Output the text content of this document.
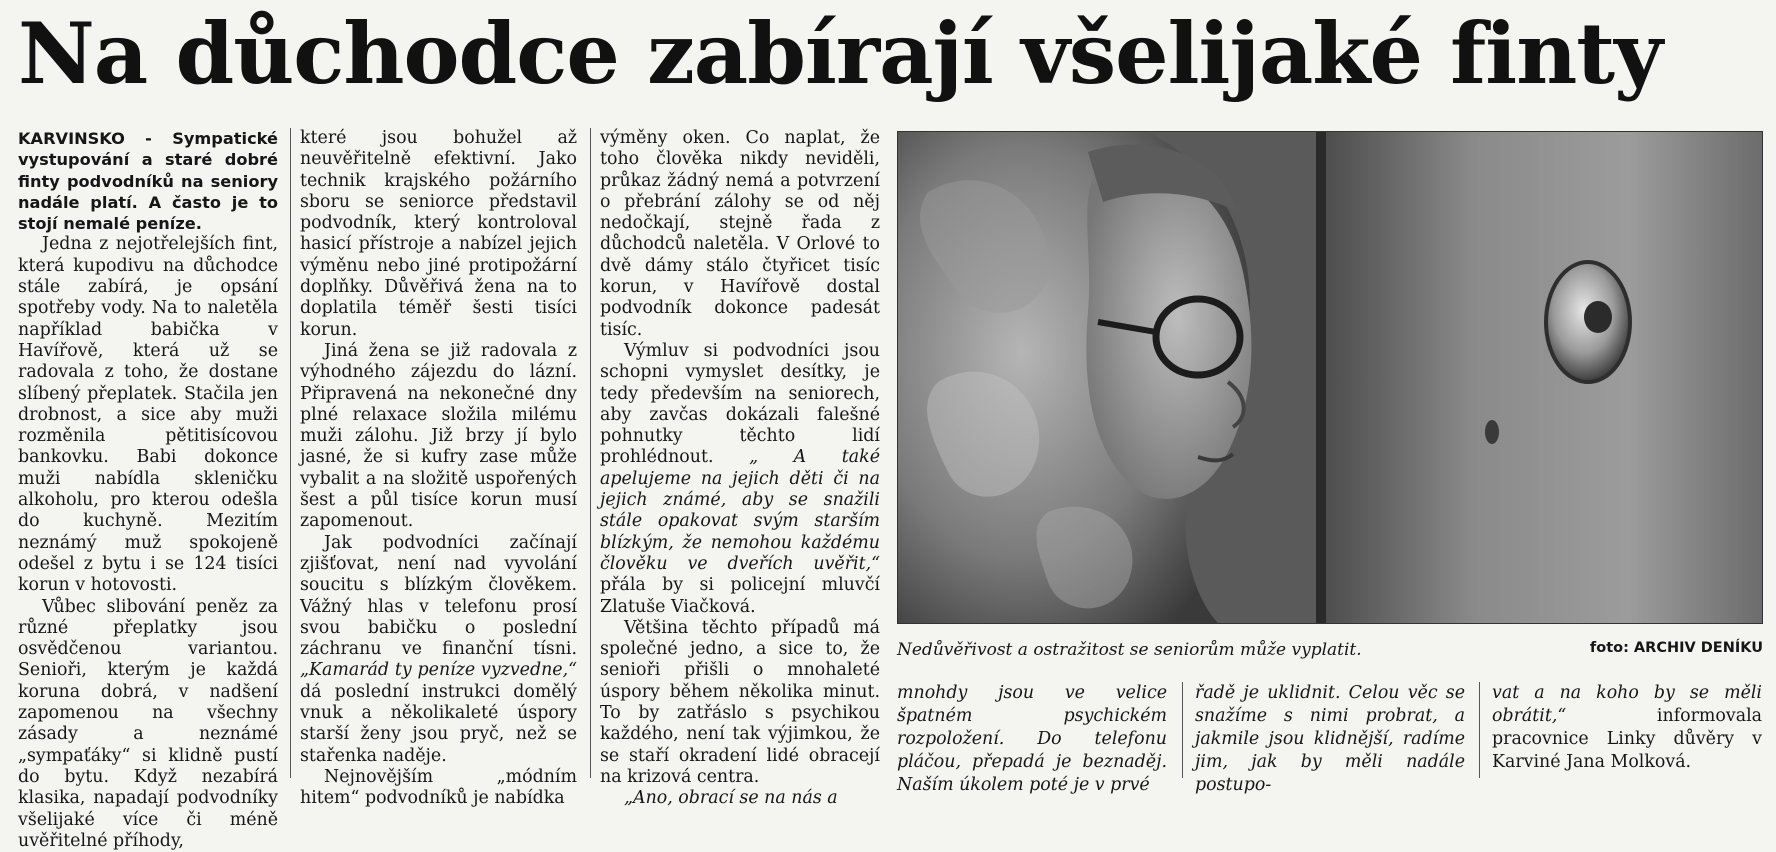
Na důchodce zabírají všelijaké finty

KARVINSKO - Sympatické vystupování a staré dobré finty podvodníků na seniory nadále platí. A často je to stojí nemalé peníze.

Jedna z nejotřelejších fint, která kupodivu na důchodce stále zabírá, je opsání spotřeby vody. Na to naletěla například babička v Havířově, která už se radovala z toho, že dostane slíbený přeplatek. Stačila jen drobnost, a sice aby muži rozměnila pětitisícovou bankovku. Babi dokonce muži nabídla skleničku alkoholu, pro kterou odešla do kuchyně. Mezitím neznámý muž spokojeně odešel z bytu i se 124 tisíci korun v hotovosti.

Vůbec slibování peněz za různé přeplatky jsou osvědčenou variantou. Senioři, kterým je každá koruna dobrá, v nadšení zapomenou na všechny zásady a neznámé „sympaťáky“ si klidně pustí do bytu. Když nezabírá klasika, napadají podvodníky všelijaké více či méně uvěřitelné příhody,

které jsou bohužel až neuvěřitelně efektivní. Jako technik krajského požárního sboru se seniorce představil podvodník, který kontroloval hasicí přístroje a nabízel jejich výměnu nebo jiné protipožární doplňky. Důvěřivá žena na to doplatila téměř šesti tisíci korun.

Jiná žena se již radovala z výhodného zájezdu do lázní. Připravená na nekonečné dny plné relaxace složila milému muži zálohu. Již brzy jí bylo jasné, že si kufry zase může vybalit a na složitě uspořených šest a půl tisíce korun musí zapomenout.

Jak podvodníci začínají zjišťovat, není nad vyvolání soucitu s blízkým člověkem. Vážný hlas v telefonu prosí svou babičku o poslední záchranu ve finanční tísni. „Kamarád ty peníze vyzvedne,“ dá poslední instrukci domělý vnuk a několikaleté úspory starší ženy jsou pryč, než se stařenka naděje.

Nejnovějším „módním hitem“ podvodníků je nabídka

výměny oken. Co naplat, že toho člověka nikdy neviděli, průkaz žádný nemá a potvrzení o přebrání zálohy se od něj nedočkají, stejně řada z důchodců naletěla. V Orlové to dvě dámy stálo čtyřicet tisíc korun, v Havířově dostal podvodník dokonce padesát tisíc.

Výmluv si podvodníci jsou schopni vymyslet desítky, je tedy především na seniorech, aby zavčas dokázali falešné pohnutky těchto lidí prohlédnout. „ A také apelujeme na jejich děti či na jejich známé, aby se snažili stále opakovat svým starším blízkým, že nemohou každému člověku ve dveřích uvěřit,“ přála by si policejní mluvčí Zlatuše Viačková.

Většina těchto případů má společné jedno, a sice to, že senioři přišli o mnohaleté úspory během několika minut. To by zatřáslo s psychikou každého, není tak výjimkou, že se staří okradení lidé obracejí na krizová centra.

„Ano, obrací se na nás a

Nedůvěřivost a ostražitost se seniorům může vyplatit.	foto: ARCHIV DENÍKU

mnohdy jsou ve velice špatném psychickém rozpoložení. Do telefonu pláčou, přepadá je beznaděj. Naším úkolem poté je v prvé

řadě je uklidnit. Celou věc se snažíme s nimi probrat, a jakmile jsou klidnější, radíme jim, jak by měli nadále postupo-

vat a na koho by se měli obrátit,“ informovala pracovnice Linky důvěry v Karviné Jana Molková.
